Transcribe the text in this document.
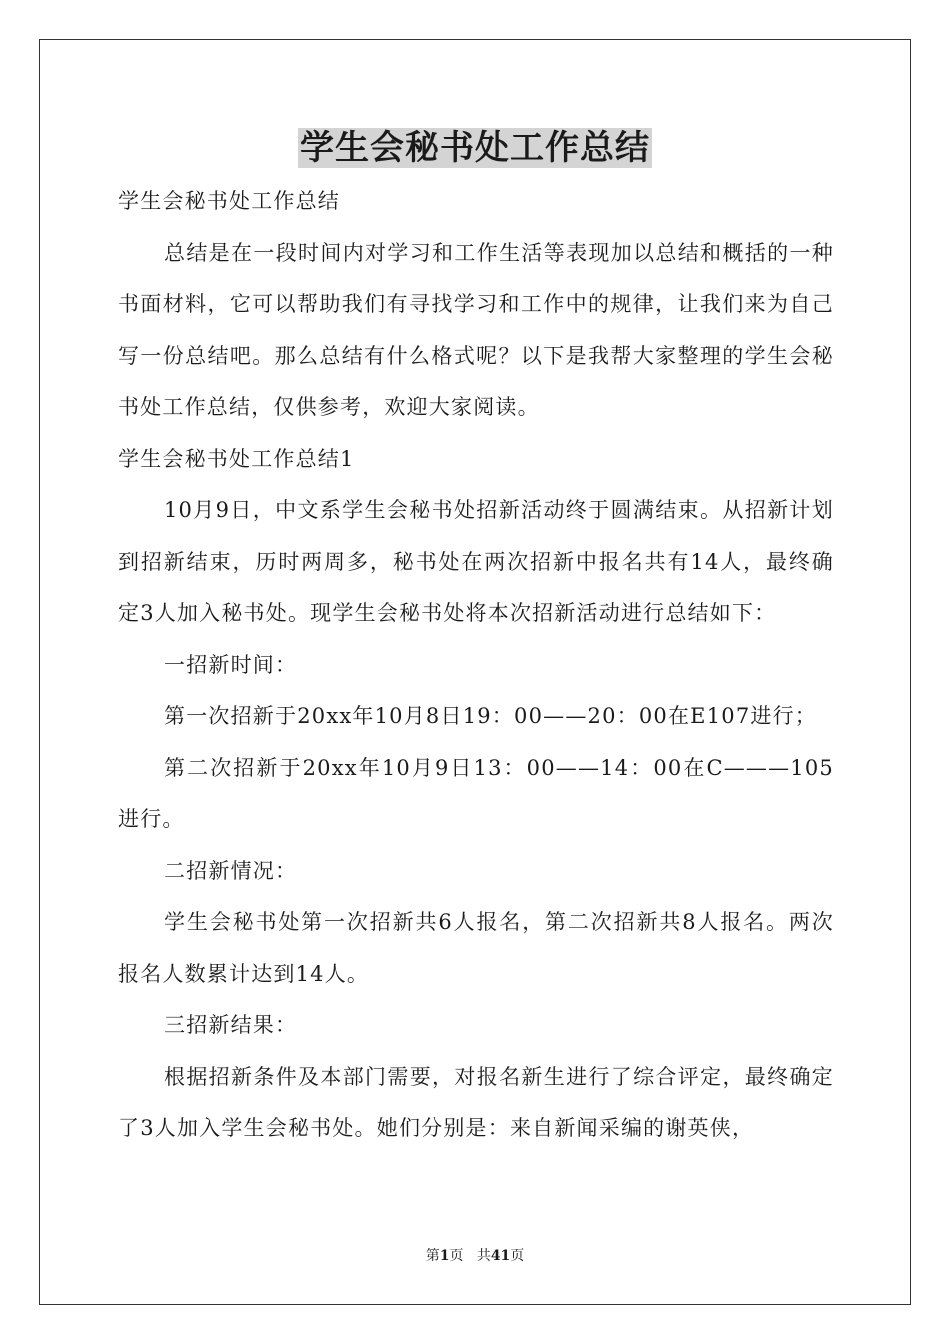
学生会秘书处工作总结

学生会秘书处工作总结

总结是在一段时间内对学习和工作生活等表现加以总结和概括的一种书面材料，它可以帮助我们有寻找学习和工作中的规律，让我们来为自己写一份总结吧。那么总结有什么格式呢？以下是我帮大家整理的学生会秘书处工作总结，仅供参考，欢迎大家阅读。

学生会秘书处工作总结1

10月9日，中文系学生会秘书处招新活动终于圆满结束。从招新计划到招新结束，历时两周多，秘书处在两次招新中报名共有14人，最终确定3人加入秘书处。现学生会秘书处将本次招新活动进行总结如下：

一招新时间：

第一次招新于20xx年10月8日19：00——20：00在E107进行；

第二次招新于20xx年10月9日13：00——14：00在C———105进行。

二招新情况：

学生会秘书处第一次招新共6人报名，第二次招新共8人报名。两次报名人数累计达到14人。

三招新结果：

根据招新条件及本部门需要，对报名新生进行了综合评定，最终确定了3人加入学生会秘书处。她们分别是：来自新闻采编的谢英侠，

第1页 共41页
